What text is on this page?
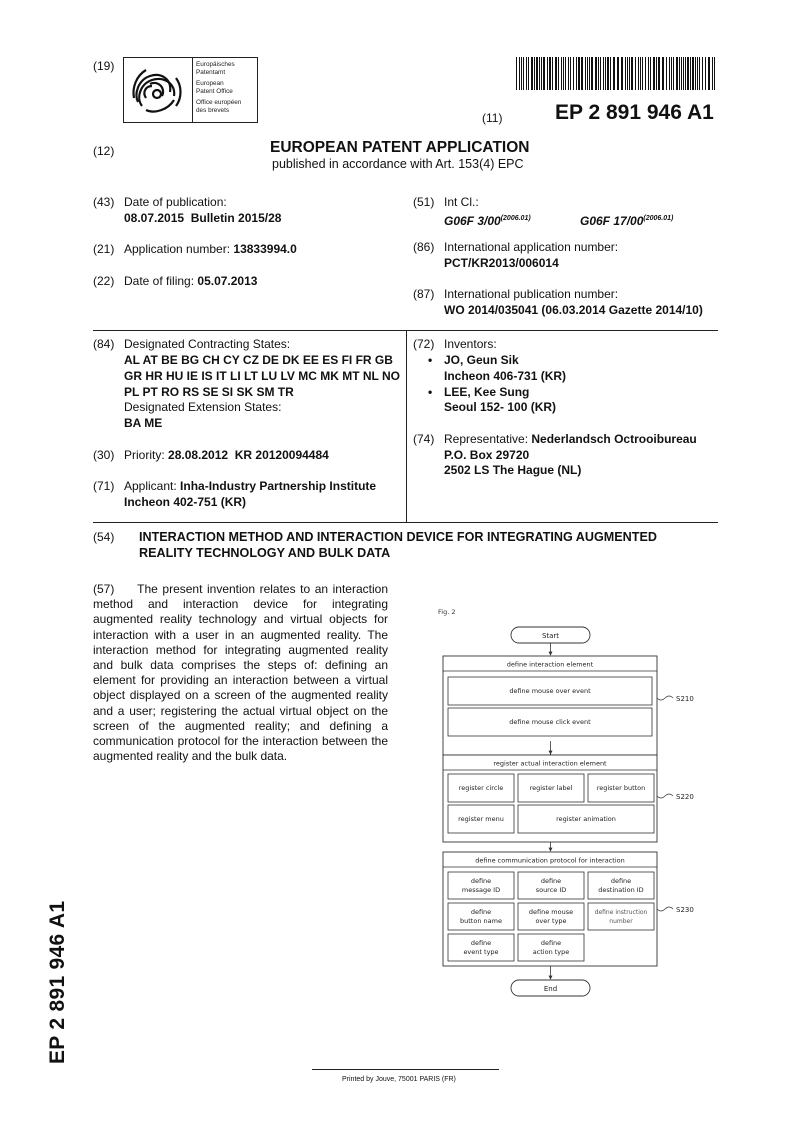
(19)	Europäisches
Patentamt
European
Patent Office
Office européen
des brevets
(11)	EP 2 891 946 A1
(12)	EUROPEAN PATENT APPLICATION
published in accordance with Art. 153(4) EPC
(43) Date of publication:
08.07.2015  Bulletin 2015/28
(21) Application number: 13833994.0
(22) Date of filing: 05.07.2013
(51) Int Cl.:
G06F $3/00^{(2006.01)}$	G06F $17/00^{(2006.01)}$
(86) International application number:
PCT/KR2013/006014
(87) International publication number:
WO 2014/035041 (06.03.2014 Gazette 2014/10)
(84) Designated Contracting States:
AL AT BE BG CH CY CZ DE DK EE ES FI FR GB
GR HR HU IE IS IT LI LT LU LV MC MK MT NL NO
PL PT RO RS SE SI SK SM TR
Designated Extension States:
BA ME
(30) Priority: 28.08.2012  KR 20120094484
(71) Applicant: Inha-Industry Partnership Institute
Incheon 402-751 (KR)
(72) Inventors:
• JO, Geun Sik
Incheon 406-731 (KR)
• LEE, Kee Sung
Seoul 152- 100 (KR)
(74) Representative: Nederlandsch Octrooibureau
P.O. Box 29720
2502 LS The Hague (NL)
(54) INTERACTION METHOD AND INTERACTION DEVICE FOR INTEGRATING AUGMENTED
REALITY TECHNOLOGY AND BULK DATA
(57) The present invention relates to an interaction method and interaction device for integrating augmented reality technology and virtual objects for interaction with a user in an augmented reality. The interaction method for integrating augmented reality and bulk data comprises the steps of: defining an element for providing an interaction between a virtual object displayed on a screen of the augmented reality and a user; registering the actual virtual object on the screen of the augmented reality; and defining a communication protocol for the interaction between the augmented reality and the bulk data.
Fig. 2
Start
define interaction element
define mouse over event
define mouse click event
S210
register actual interaction element
register circle	register label	register button
register menu	register animation
S220
define communication protocol for interaction
define
message ID
define
source ID
define
destination ID
define
button name
define mouse
over type
define instruction
number
define
event type
define
action type
S230
End
EP 2 891 946 A1
Printed by Jouve, 75001 PARIS (FR)
